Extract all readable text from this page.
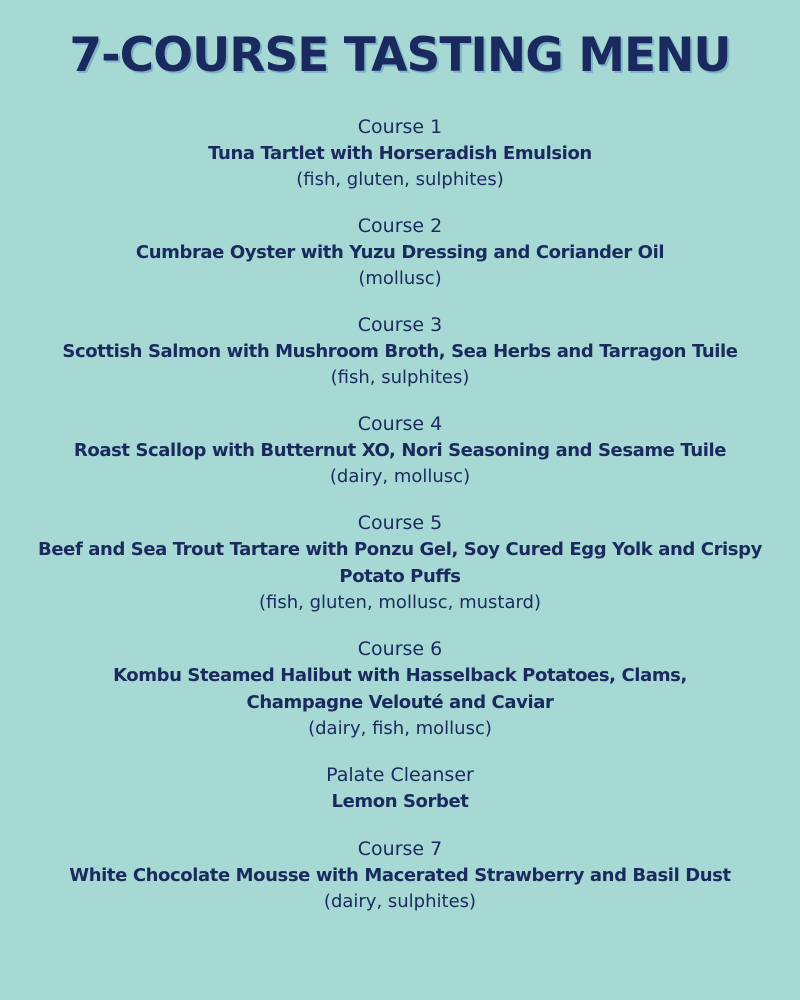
7-COURSE TASTING MENU
Course 1
Tuna Tartlet with Horseradish Emulsion
(fish, gluten, sulphites)
Course 2
Cumbrae Oyster with Yuzu Dressing and Coriander Oil
(mollusc)
Course 3
Scottish Salmon with Mushroom Broth, Sea Herbs and Tarragon Tuile
(fish, sulphites)
Course 4
Roast Scallop with Butternut XO, Nori Seasoning and Sesame Tuile
(dairy, mollusc)
Course 5
Beef and Sea Trout Tartare with Ponzu Gel, Soy Cured Egg Yolk and Crispy Potato Puffs
(fish, gluten, mollusc, mustard)
Course 6
Kombu Steamed Halibut with Hasselback Potatoes, Clams, Champagne Velouté and Caviar
(dairy, fish, mollusc)
Palate Cleanser
Lemon Sorbet
Course 7
White Chocolate Mousse with Macerated Strawberry and Basil Dust
(dairy, sulphites)
